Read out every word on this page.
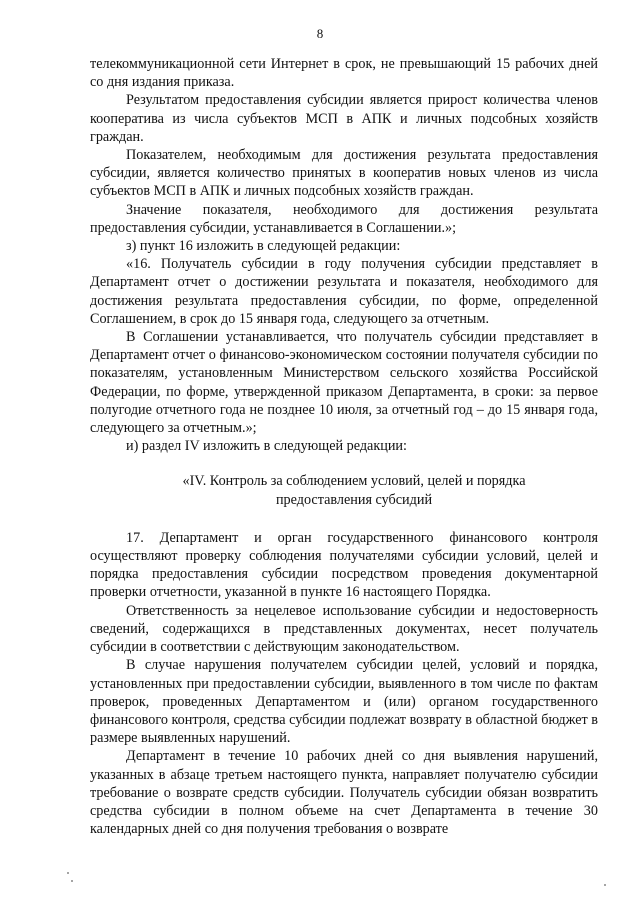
8

телекоммуникационной сети Интернет в срок, не превышающий 15 рабочих дней со дня издания приказа.

Результатом предоставления субсидии является прирост количества членов кооператива из числа субъектов МСП в АПК и личных подсобных хозяйств граждан.

Показателем, необходимым для достижения результата предоставления субсидии, является количество принятых в кооператив новых членов из числа субъектов МСП в АПК и личных подсобных хозяйств граждан.

Значение показателя, необходимого для достижения результата предоставления субсидии, устанавливается в Соглашении.»;

з) пункт 16 изложить в следующей редакции:

«16. Получатель субсидии в году получения субсидии представляет в Департамент отчет о достижении результата и показателя, необходимого для достижения результата предоставления субсидии, по форме, определенной Соглашением, в срок до 15 января года, следующего за отчетным.

В Соглашении устанавливается, что получатель субсидии представляет в Департамент отчет о финансово-экономическом состоянии получателя субсидии по показателям, установленным Министерством сельского хозяйства Российской Федерации, по форме, утвержденной приказом Департамента, в сроки: за первое полугодие отчетного года не позднее 10 июля, за отчетный год – до 15 января года, следующего за отчетным.»;

и) раздел IV изложить в следующей редакции:

«IV. Контроль за соблюдением условий, целей и порядка
предоставления субсидий

17. Департамент и орган государственного финансового контроля осуществляют проверку соблюдения получателями субсидии условий, целей и порядка предоставления субсидии посредством проведения документарной проверки отчетности, указанной в пункте 16 настоящего Порядка.

Ответственность за нецелевое использование субсидии и недостоверность сведений, содержащихся в представленных документах, несет получатель субсидии в соответствии с действующим законодательством.

В случае нарушения получателем субсидии целей, условий и порядка, установленных при предоставлении субсидии, выявленного в том числе по фактам проверок, проведенных Департаментом и (или) органом государственного финансового контроля, средства субсидии подлежат возврату в областной бюджет в размере выявленных нарушений.

Департамент в течение 10 рабочих дней со дня выявления нарушений, указанных в абзаце третьем настоящего пункта, направляет получателю субсидии требование о возврате средств субсидии. Получатель субсидии обязан возвратить средства субсидии в полном объеме на счет Департамента в течение 30 календарных дней со дня получения требования о возврате
